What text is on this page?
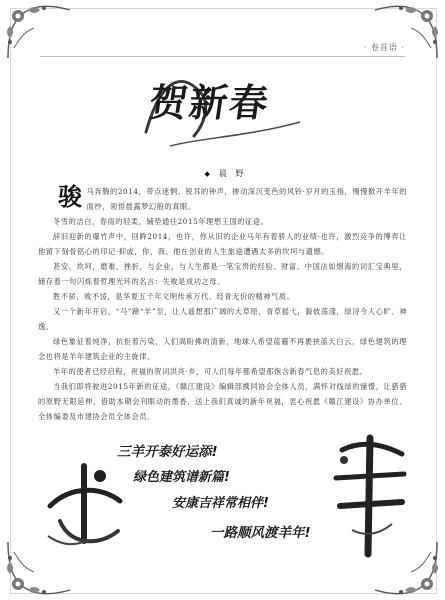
· 卷首语 ·
贺新春
◆ 晨 野

骏马奔腾的2014，带点迷惘、锐耳的钟声，掺动深沉变色的风铃·岁月的玉指，慢慢掀开羊年的面纱，领悟晨露梦幻般的真眼。

冬雪的洁白，春雨的轻柔，铺垫通往2015年理想王国的征途。

辞旧迎新的爆竹声中，回眸2014，也许，你从旧的企业马年有着骄人的业绩·也许，激烈竞争的博弈让他留下刻骨铭心的印记·抑或，你、我、他在创业的人生旅途遭遇太多的坎坷与遗憾。

甚安，坎坷，磨难，挫折，与企业，与人生都是一笔宝贵的经验、财富。中国法如烟海的词汇宝典里，储存着一句闪烁着哲理光环的名言：失败是成功之母。

胜不骄，败不馁，是华夏五千年文明传承万代、经青无价的精神气质。

又一个新年开启，“马”蹄“羊”至，让人遥想那广阔的大草原，青草摇弋，滁彼荡漾，绿浔今人心旷、神逸。

绿色象征着纯净，抗拒着污染，人们渴盼拂的清新，地球人希望蓝霾不再裹挟蓝天白云，绿色建筑的理念也将是羊年建筑企业的主旋律。

羊年的使者已经启程，祝福的贺词洪亮·乡，可人们每年都希望那饱含新春气息的美好祝愿。

当我们即将驶进2015年新的征途，《赣江建设》编辑部携同协会全体人员，满怀对线绿的憧憬，让猎猎的原野无限延伸，借助本期会刊眼动的墨香，送上我们真诚的新年祝福，衷心祝愿《赣江建设》协办单位、全体编委及市建协会员全体会员。

三羊开泰好运添!
绿色建筑谱新篇!
安康吉祥常相伴!
一路顺风渡羊年!
